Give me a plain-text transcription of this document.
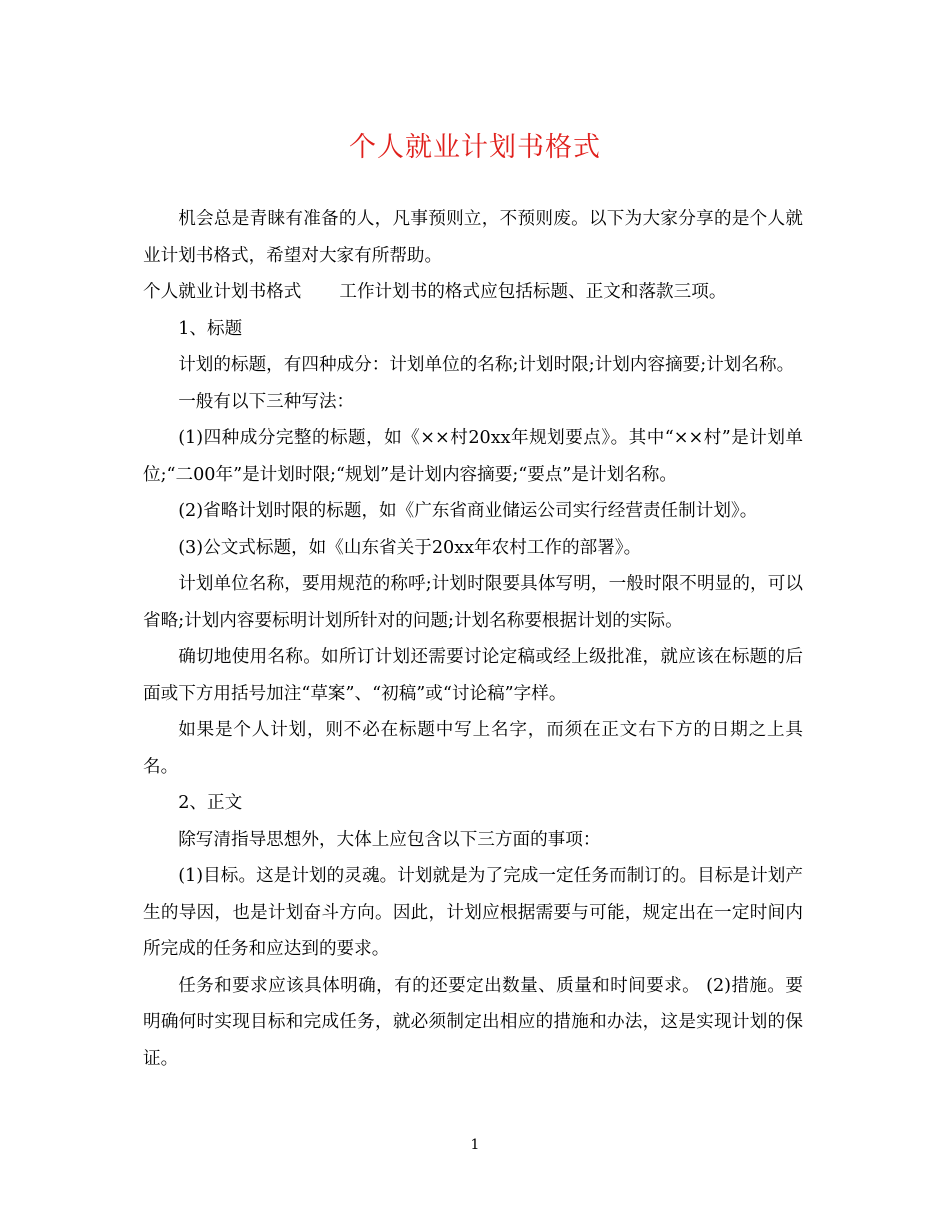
个人就业计划书格式

机会总是青睐有准备的人，凡事预则立，不预则废。以下为大家分享的是个人就业计划书格式，希望对大家有所帮助。

个人就业计划书格式 工作计划书的格式应包括标题、正文和落款三项。

1、标题

计划的标题，有四种成分：计划单位的名称;计划时限;计划内容摘要;计划名称。

一般有以下三种写法：

(1)四种成分完整的标题，如《××村20xx年规划要点》。其中“××村”是计划单位;“二00年”是计划时限;“规划”是计划内容摘要;“要点”是计划名称。

(2)省略计划时限的标题，如《广东省商业储运公司实行经营责任制计划》。

(3)公文式标题，如《山东省关于20xx年农村工作的部署》。

计划单位名称，要用规范的称呼;计划时限要具体写明，一般时限不明显的，可以省略;计划内容要标明计划所针对的问题;计划名称要根据计划的实际。

确切地使用名称。如所订计划还需要讨论定稿或经上级批准，就应该在标题的后面或下方用括号加注“草案”、“初稿”或“讨论稿”字样。

如果是个人计划，则不必在标题中写上名字，而须在正文右下方的日期之上具名。

2、正文

除写清指导思想外，大体上应包含以下三方面的事项：

(1)目标。这是计划的灵魂。计划就是为了完成一定任务而制订的。目标是计划产生的导因，也是计划奋斗方向。因此，计划应根据需要与可能，规定出在一定时间内所完成的任务和应达到的要求。

任务和要求应该具体明确，有的还要定出数量、质量和时间要求。 (2)措施。要明确何时实现目标和完成任务，就必须制定出相应的措施和办法，这是实现计划的保证。

1
